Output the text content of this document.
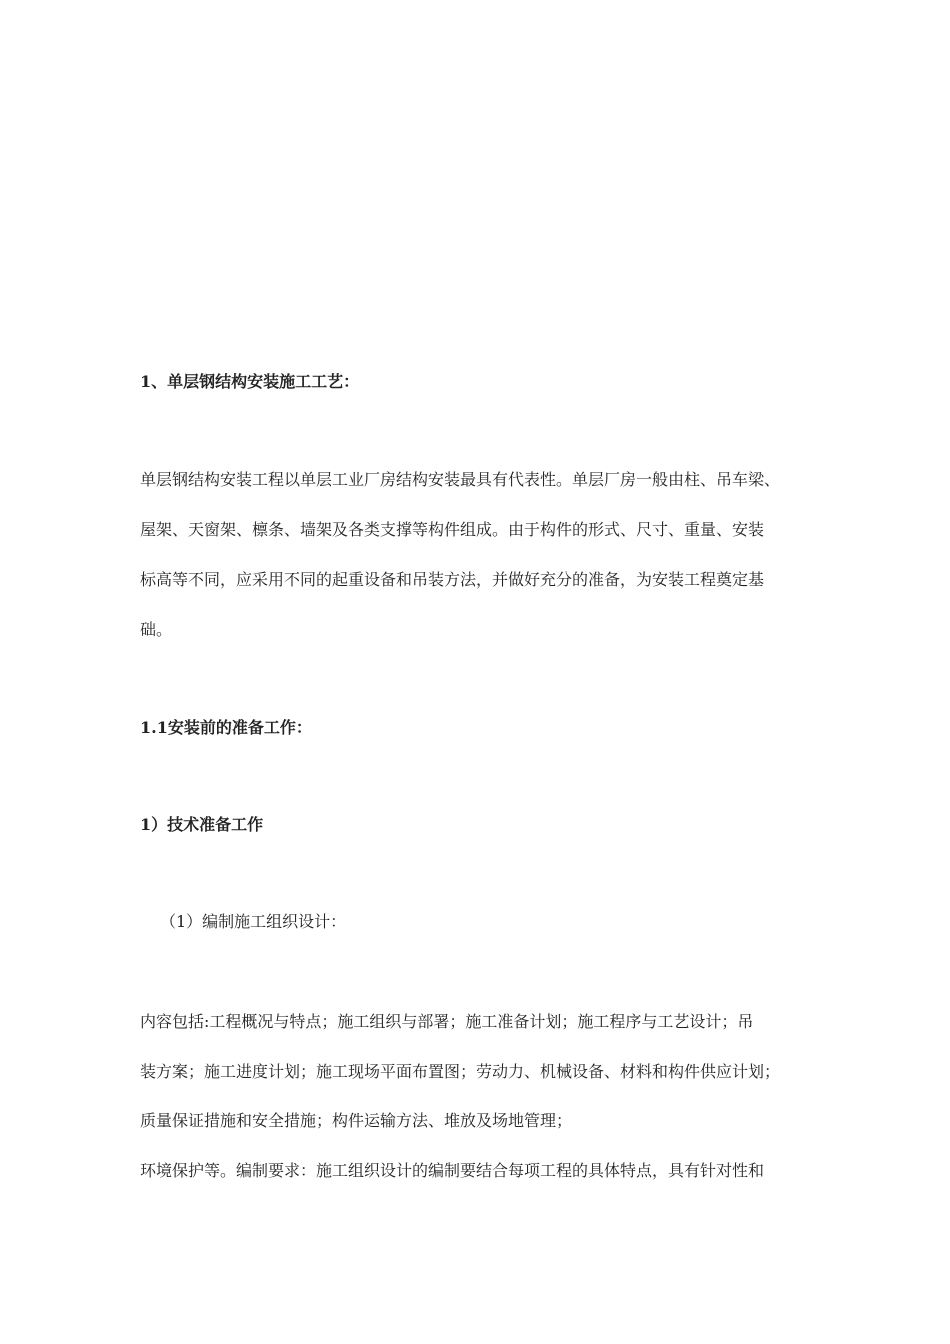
1、单层钢结构安装施工工艺：

单层钢结构安装工程以单层工业厂房结构安装最具有代表性。单层厂房一般由柱、吊车梁、

屋架、天窗架、檩条、墙架及各类支撑等构件组成。由于构件的形式、尺寸、重量、安装

标高等不同，应采用不同的起重设备和吊装方法，并做好充分的准备，为安装工程奠定基

础。

1.1安装前的准备工作：

1）技术准备工作

（1）编制施工组织设计：

内容包括:工程概况与特点；施工组织与部署；施工准备计划；施工程序与工艺设计；吊

装方案；施工进度计划；施工现场平面布置图；劳动力、机械设备、材料和构件供应计划；

质量保证措施和安全措施；构件运输方法、堆放及场地管理；

环境保护等。编制要求：施工组织设计的编制要结合每项工程的具体特点，具有针对性和
